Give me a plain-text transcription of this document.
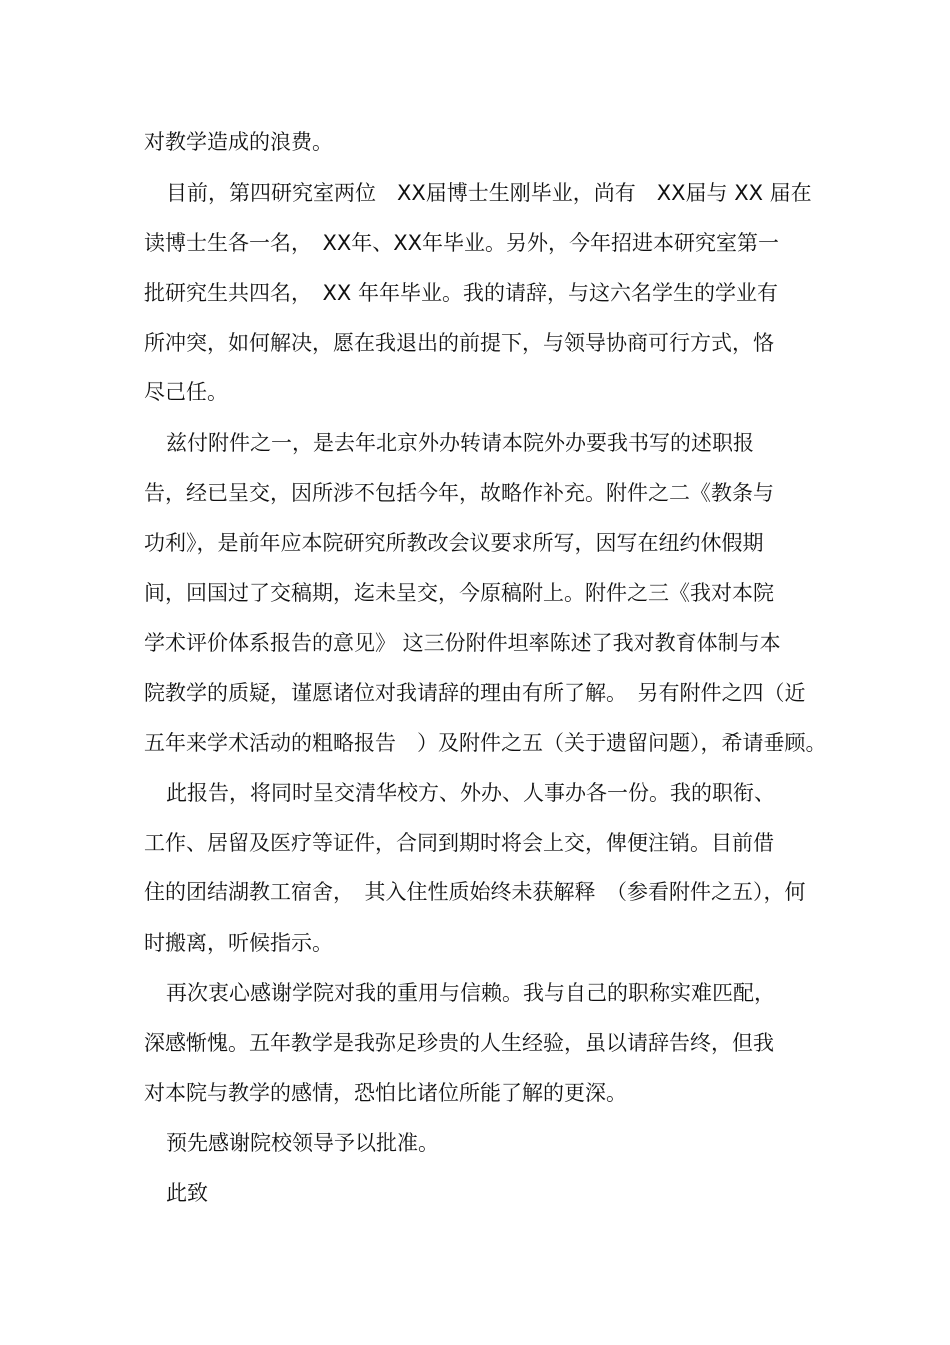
对教学造成的浪费。
目前，第四研究室两位　XX届博士生刚毕业，尚有　XX届与 XX 届在
读博士生各一名，　XX年、XX年毕业。另外，今年招进本研究室第一
批研究生共四名，　XX 年年毕业。我的请辞，与这六名学生的学业有
所冲突，如何解决，愿在我退出的前提下，与领导协商可行方式，恪
尽己任。
兹付附件之一，是去年北京外办转请本院外办要我书写的述职报
告，经已呈交，因所涉不包括今年，故略作补充。附件之二《教条与
功利》，是前年应本院研究所教改会议要求所写，因写在纽约休假期
间，回国过了交稿期，迄未呈交，今原稿附上。附件之三《我对本院
学术评价体系报告的意见》 这三份附件坦率陈述了我对教育体制与本
院教学的质疑，谨愿诸位对我请辞的理由有所了解。　另有附件之四（近
五年来学术活动的粗略报告　）及附件之五（关于遗留问题），希请垂顾。
此报告，将同时呈交清华校方、外办、人事办各一份。我的职衔、
工作、居留及医疗等证件，合同到期时将会上交，俾便注销。目前借
住的团结湖教工宿舍，　其入住性质始终未获解释　（参看附件之五），何
时搬离，听候指示。
再次衷心感谢学院对我的重用与信赖。我与自己的职称实难匹配，
深感惭愧。五年教学是我弥足珍贵的人生经验，虽以请辞告终，但我
对本院与教学的感情，恐怕比诸位所能了解的更深。
预先感谢院校领导予以批准。
此致
